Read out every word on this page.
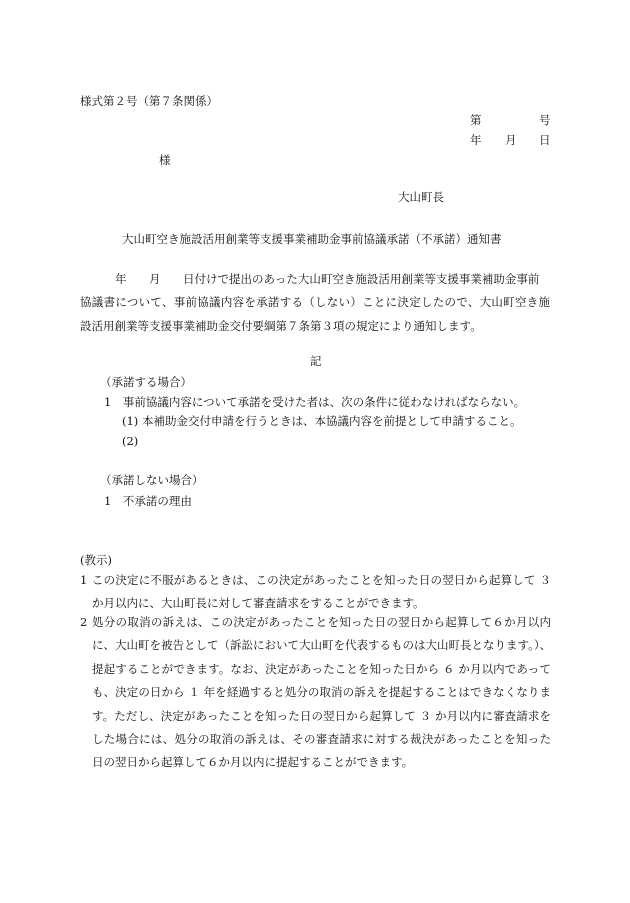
様式第２号（第７条関係）
第	号
年 月 日
様
大山町長
大山町空き施設活用創業等支援事業補助金事前協議承諾（不承諾）通知書
年 月 日付けで提出のあった大山町空き施設活用創業等支援事業補助金事前
協議書について、事前協議内容を承諾する（しない）ことに決定したので、大山町空き施
設活用創業等支援事業補助金交付要綱第７条第３項の規定により通知します。
記
（承諾する場合）
1　事前協議内容について承諾を受けた者は、次の条件に従わなければならない。
(1) 本補助金交付申請を行うときは、本協議内容を前提として申請すること。
(2)
（承諾しない場合）
1　不承諾の理由
(教示)
1 この決定に不服があるときは、この決定があったことを知った日の翌日から起算して ３
か月以内に、大山町長に対して審査請求をすることができます。
2 処分の取消の訴えは、この決定があったことを知った日の翌日から起算して６か月以内
に、大山町を被告として（訴訟において大山町を代表するものは大山町長となります。）、
提起することができます。なお、決定があったことを知った日から ６ か月以内であって
も、決定の日から １ 年を経過すると処分の取消の訴えを提起することはできなくなりま
す。ただし、決定があったことを知った日の翌日から起算して ３ か月以内に審査請求を
した場合には、処分の取消の訴えは、その審査請求に対する裁決があったことを知った
日の翌日から起算して６か月以内に提起することができます。
